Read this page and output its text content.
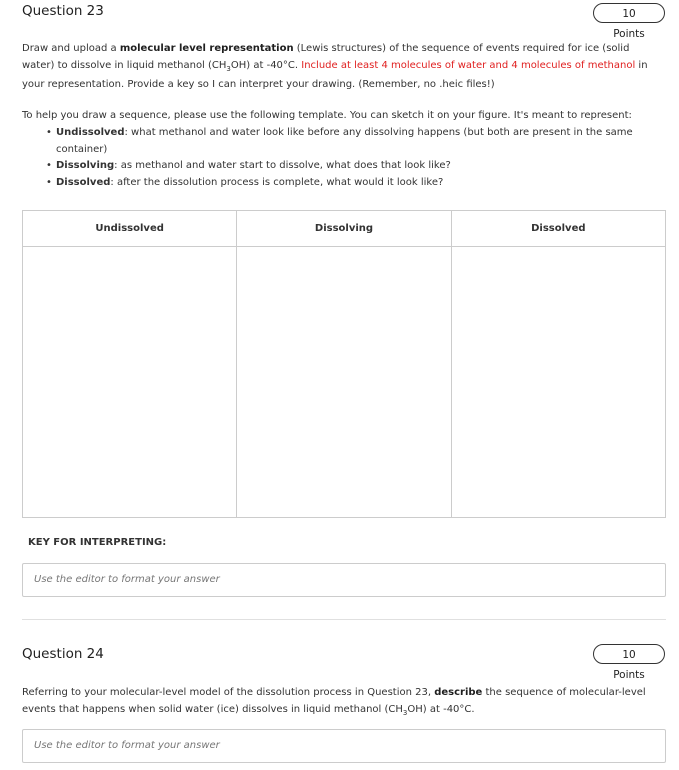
Question 23	10 Points
Draw and upload a molecular level representation (Lewis structures) of the sequence of events required for ice (solid water) to dissolve in liquid methanol $(CH_3OH)$ at -40°C. Include at least 4 molecules of water and 4 molecules of methanol in your representation. Provide a key so I can interpret your drawing. (Remember, no .heic files!)
To help you draw a sequence, please use the following template. You can sketch it on your figure. It's meant to represent:
• Undissolved: what methanol and water look like before any dissolving happens (but both are present in the same container)
• Dissolving: as methanol and water start to dissolve, what does that look like?
• Dissolved: after the dissolution process is complete, what would it look like?
Undissolved	Dissolving	Dissolved

KEY FOR INTERPRETING:
Use the editor to format your answer
Question 24	10 Points
Referring to your molecular-level model of the dissolution process in Question 23, describe the sequence of molecular-level events that happens when solid water (ice) dissolves in liquid methanol $(CH_3OH)$ at -40°C.
Use the editor to format your answer
